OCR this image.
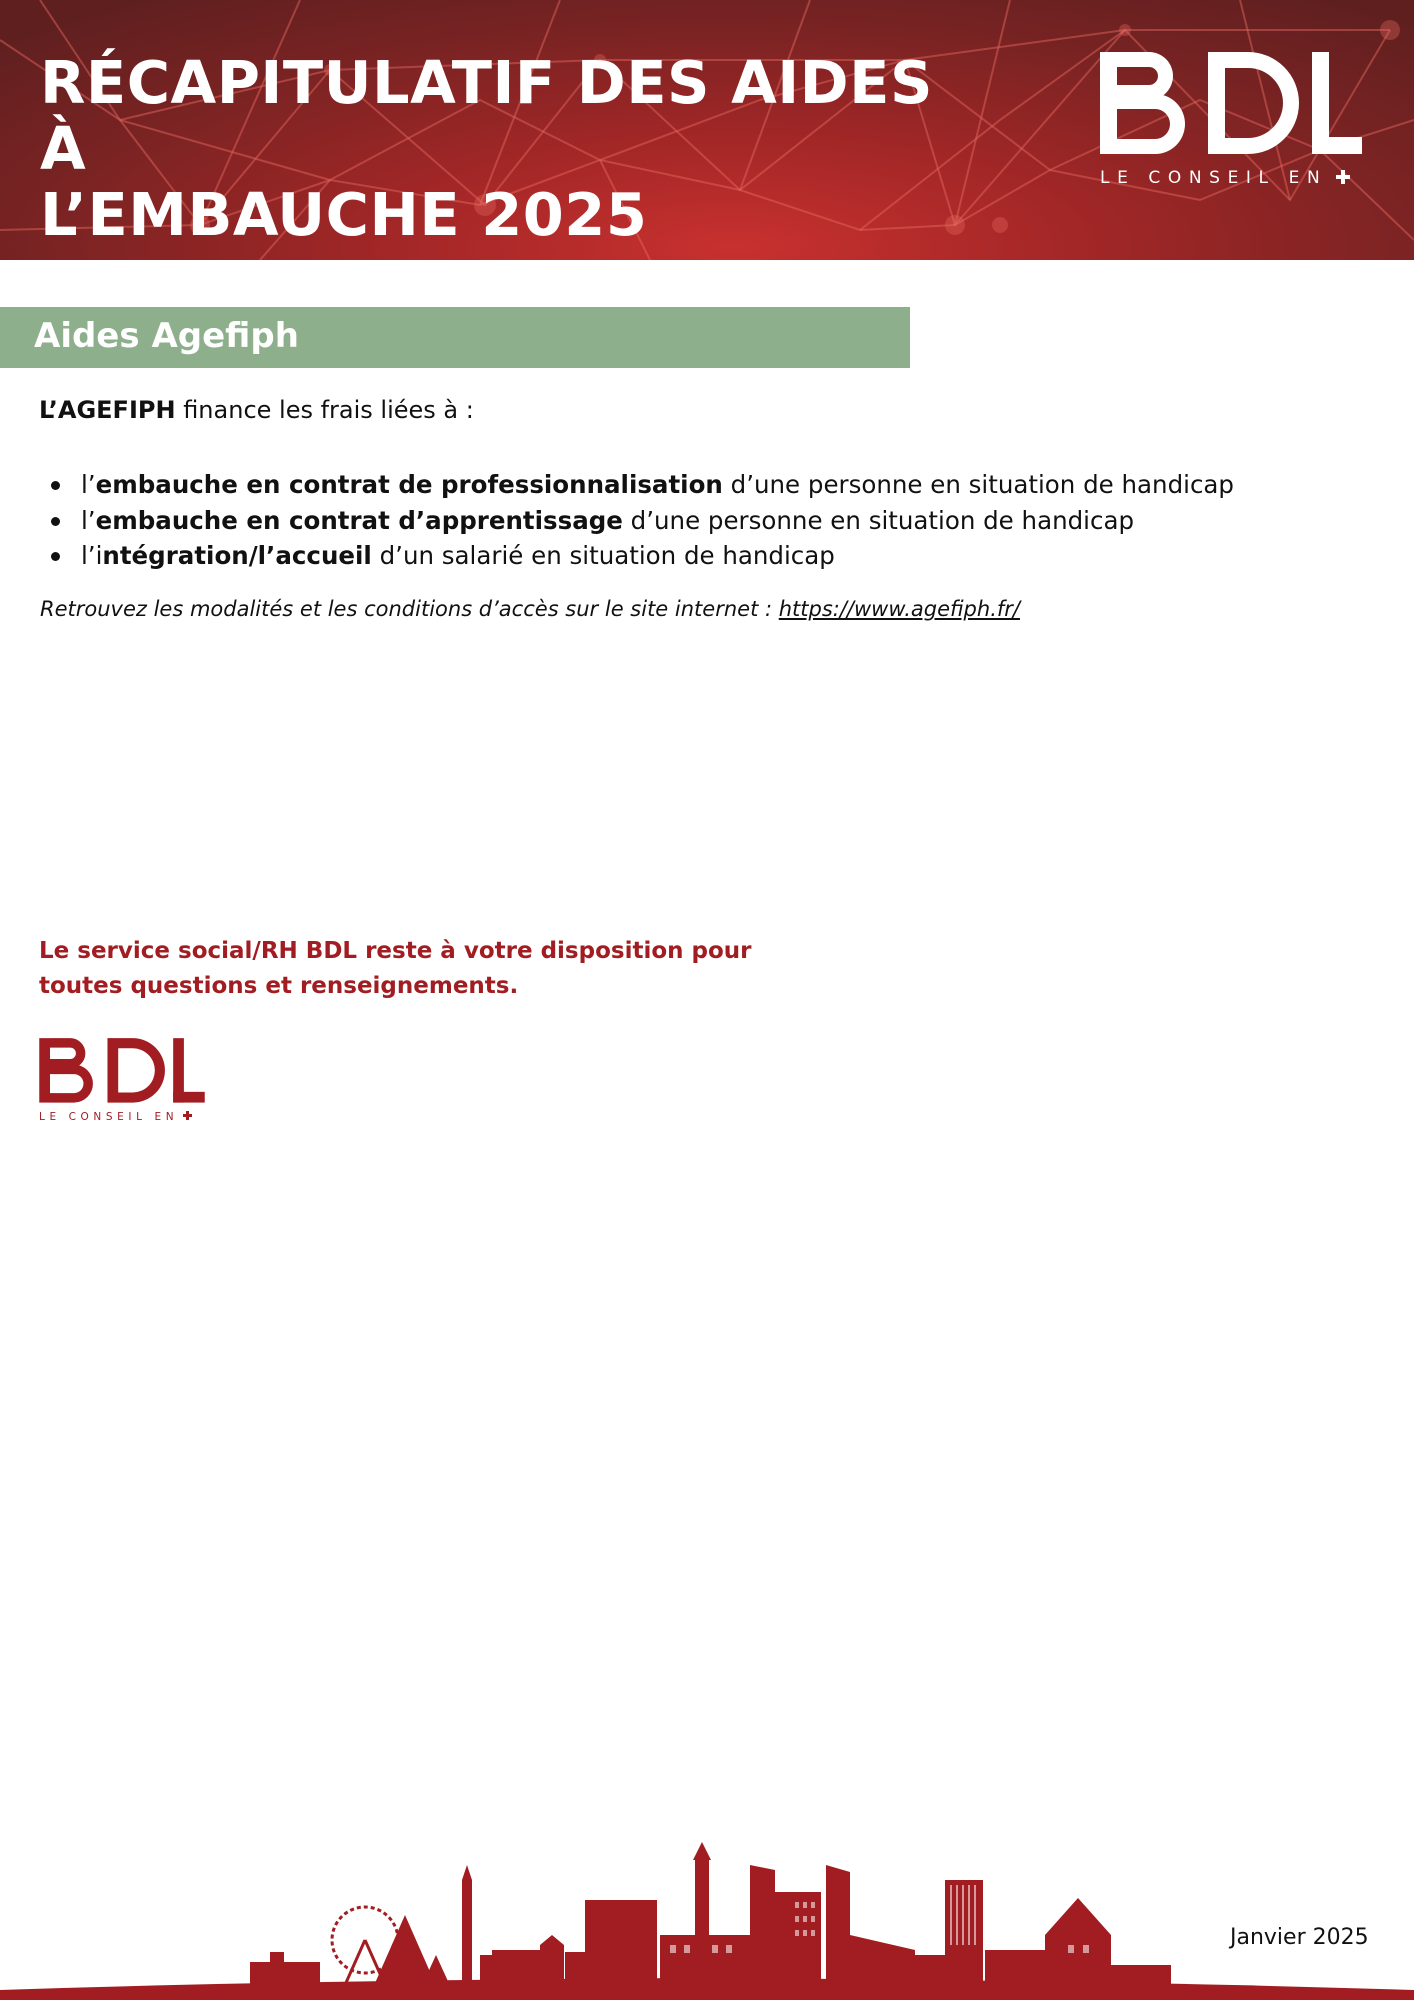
RÉCAPITULATIF DES AIDES À
L’EMBAUCHE 2025
LE CONSEIL EN
Aides Agefiph
L’AGEFIPH finance les frais liées à :
l’embauche en contrat de professionnalisation d’une personne en situation de handicap
l’embauche en contrat d’apprentissage d’une personne en situation de handicap
l’intégration/l’accueil d’un salarié en situation de handicap
Retrouvez les modalités et les conditions d’accès sur le site internet : https://www.agefiph.fr/
Le service social/RH BDL reste à votre disposition pour
toutes questions et renseignements.
LE CONSEIL EN
Janvier 2025
